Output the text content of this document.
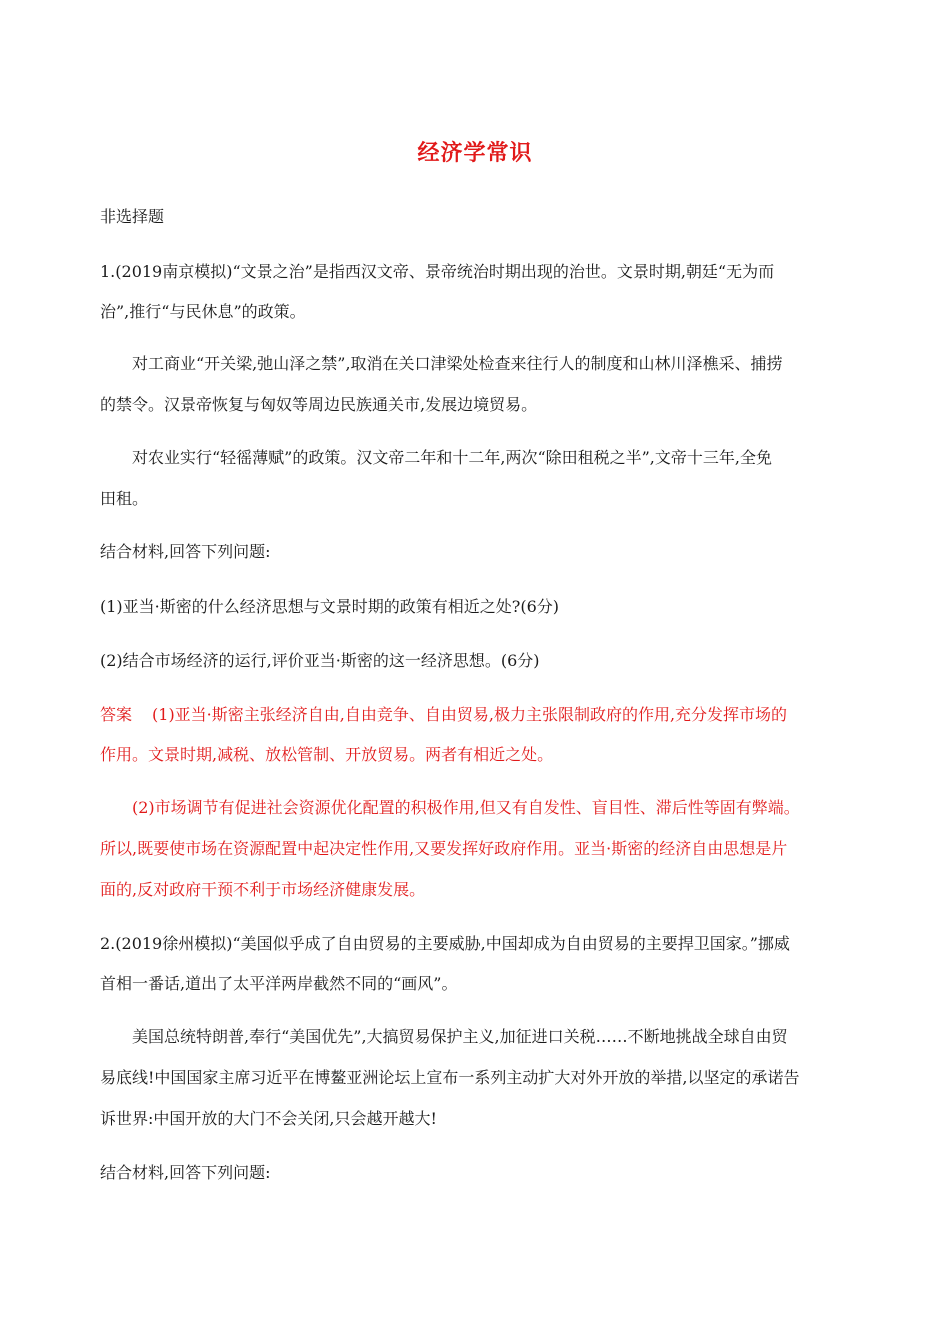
经济学常识
非选择题
1.(2019南京模拟)“文景之治”是指西汉文帝、景帝统治时期出现的治世。文景时期,朝廷“无为而
治”,推行“与民休息”的政策。
对工商业“开关梁,弛山泽之禁”,取消在关口津梁处检查来往行人的制度和山林川泽樵采、捕捞
的禁令。汉景帝恢复与匈奴等周边民族通关市,发展边境贸易。
对农业实行“轻徭薄赋”的政策。汉文帝二年和十二年,两次“除田租税之半”,文帝十三年,全免
田租。
结合材料,回答下列问题:
(1)亚当·斯密的什么经济思想与文景时期的政策有相近之处?(6分)
(2)结合市场经济的运行,评价亚当·斯密的这一经济思想。(6分)
答案 (1)亚当·斯密主张经济自由,自由竞争、自由贸易,极力主张限制政府的作用,充分发挥市场的
作用。文景时期,减税、放松管制、开放贸易。两者有相近之处。
(2)市场调节有促进社会资源优化配置的积极作用,但又有自发性、盲目性、滞后性等固有弊端。
所以,既要使市场在资源配置中起决定性作用,又要发挥好政府作用。亚当·斯密的经济自由思想是片
面的,反对政府干预不利于市场经济健康发展。
2.(2019徐州模拟)“美国似乎成了自由贸易的主要威胁,中国却成为自由贸易的主要捍卫国家。”挪威
首相一番话,道出了太平洋两岸截然不同的“画风”。
美国总统特朗普,奉行“美国优先”,大搞贸易保护主义,加征进口关税……不断地挑战全球自由贸
易底线!中国国家主席习近平在博鳌亚洲论坛上宣布一系列主动扩大对外开放的举措,以坚定的承诺告
诉世界:中国开放的大门不会关闭,只会越开越大!
结合材料,回答下列问题:
